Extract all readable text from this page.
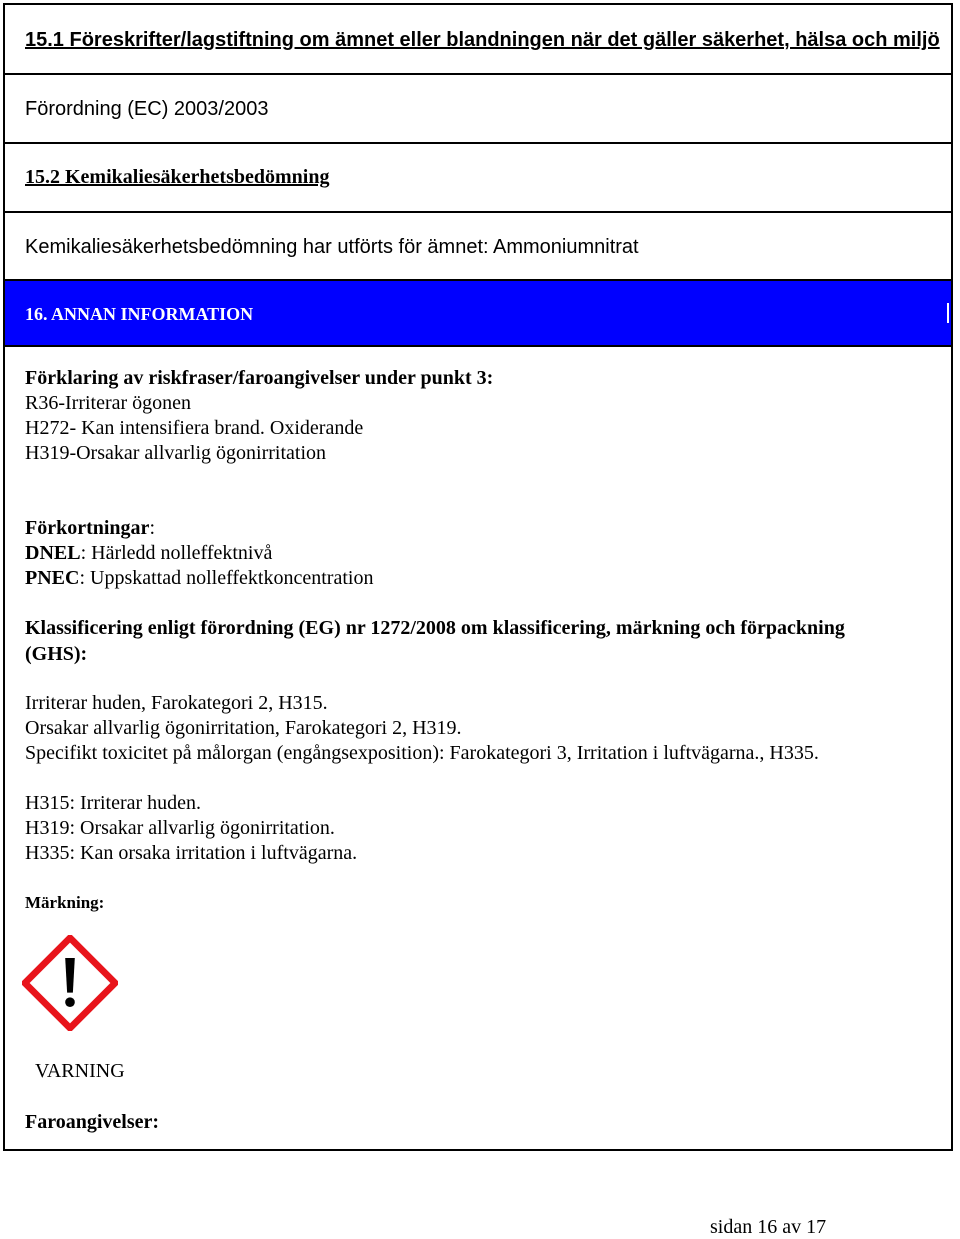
15.1 Föreskrifter/lagstiftning om ämnet eller blandningen när det gäller säkerhet, hälsa och miljö
Förordning (EC) 2003/2003
15.2 Kemikaliesäkerhetsbedömning
Kemikaliesäkerhetsbedömning har utförts för ämnet: Ammoniumnitrat
16. ANNAN INFORMATION
Förklaring av riskfraser/faroangivelser under punkt 3:
R36-Irriterar ögonen
H272- Kan intensifiera brand. Oxiderande
H319-Orsakar allvarlig ögonirritation
Förkortningar:
DNEL: Härledd nolleffektnivå
PNEC: Uppskattad nolleffektkoncentration
Klassificering enligt förordning (EG) nr 1272/2008 om klassificering, märkning och förpackning
(GHS):
Irriterar huden, Farokategori 2, H315.
Orsakar allvarlig ögonirritation, Farokategori 2, H319.
Specifikt toxicitet på målorgan (engångsexposition): Farokategori 3, Irritation i luftvägarna., H335.
H315: Irriterar huden.
H319: Orsakar allvarlig ögonirritation.
H335: Kan orsaka irritation i luftvägarna.
Märkning:
VARNING
Faroangivelser:
sidan 16 av 17
